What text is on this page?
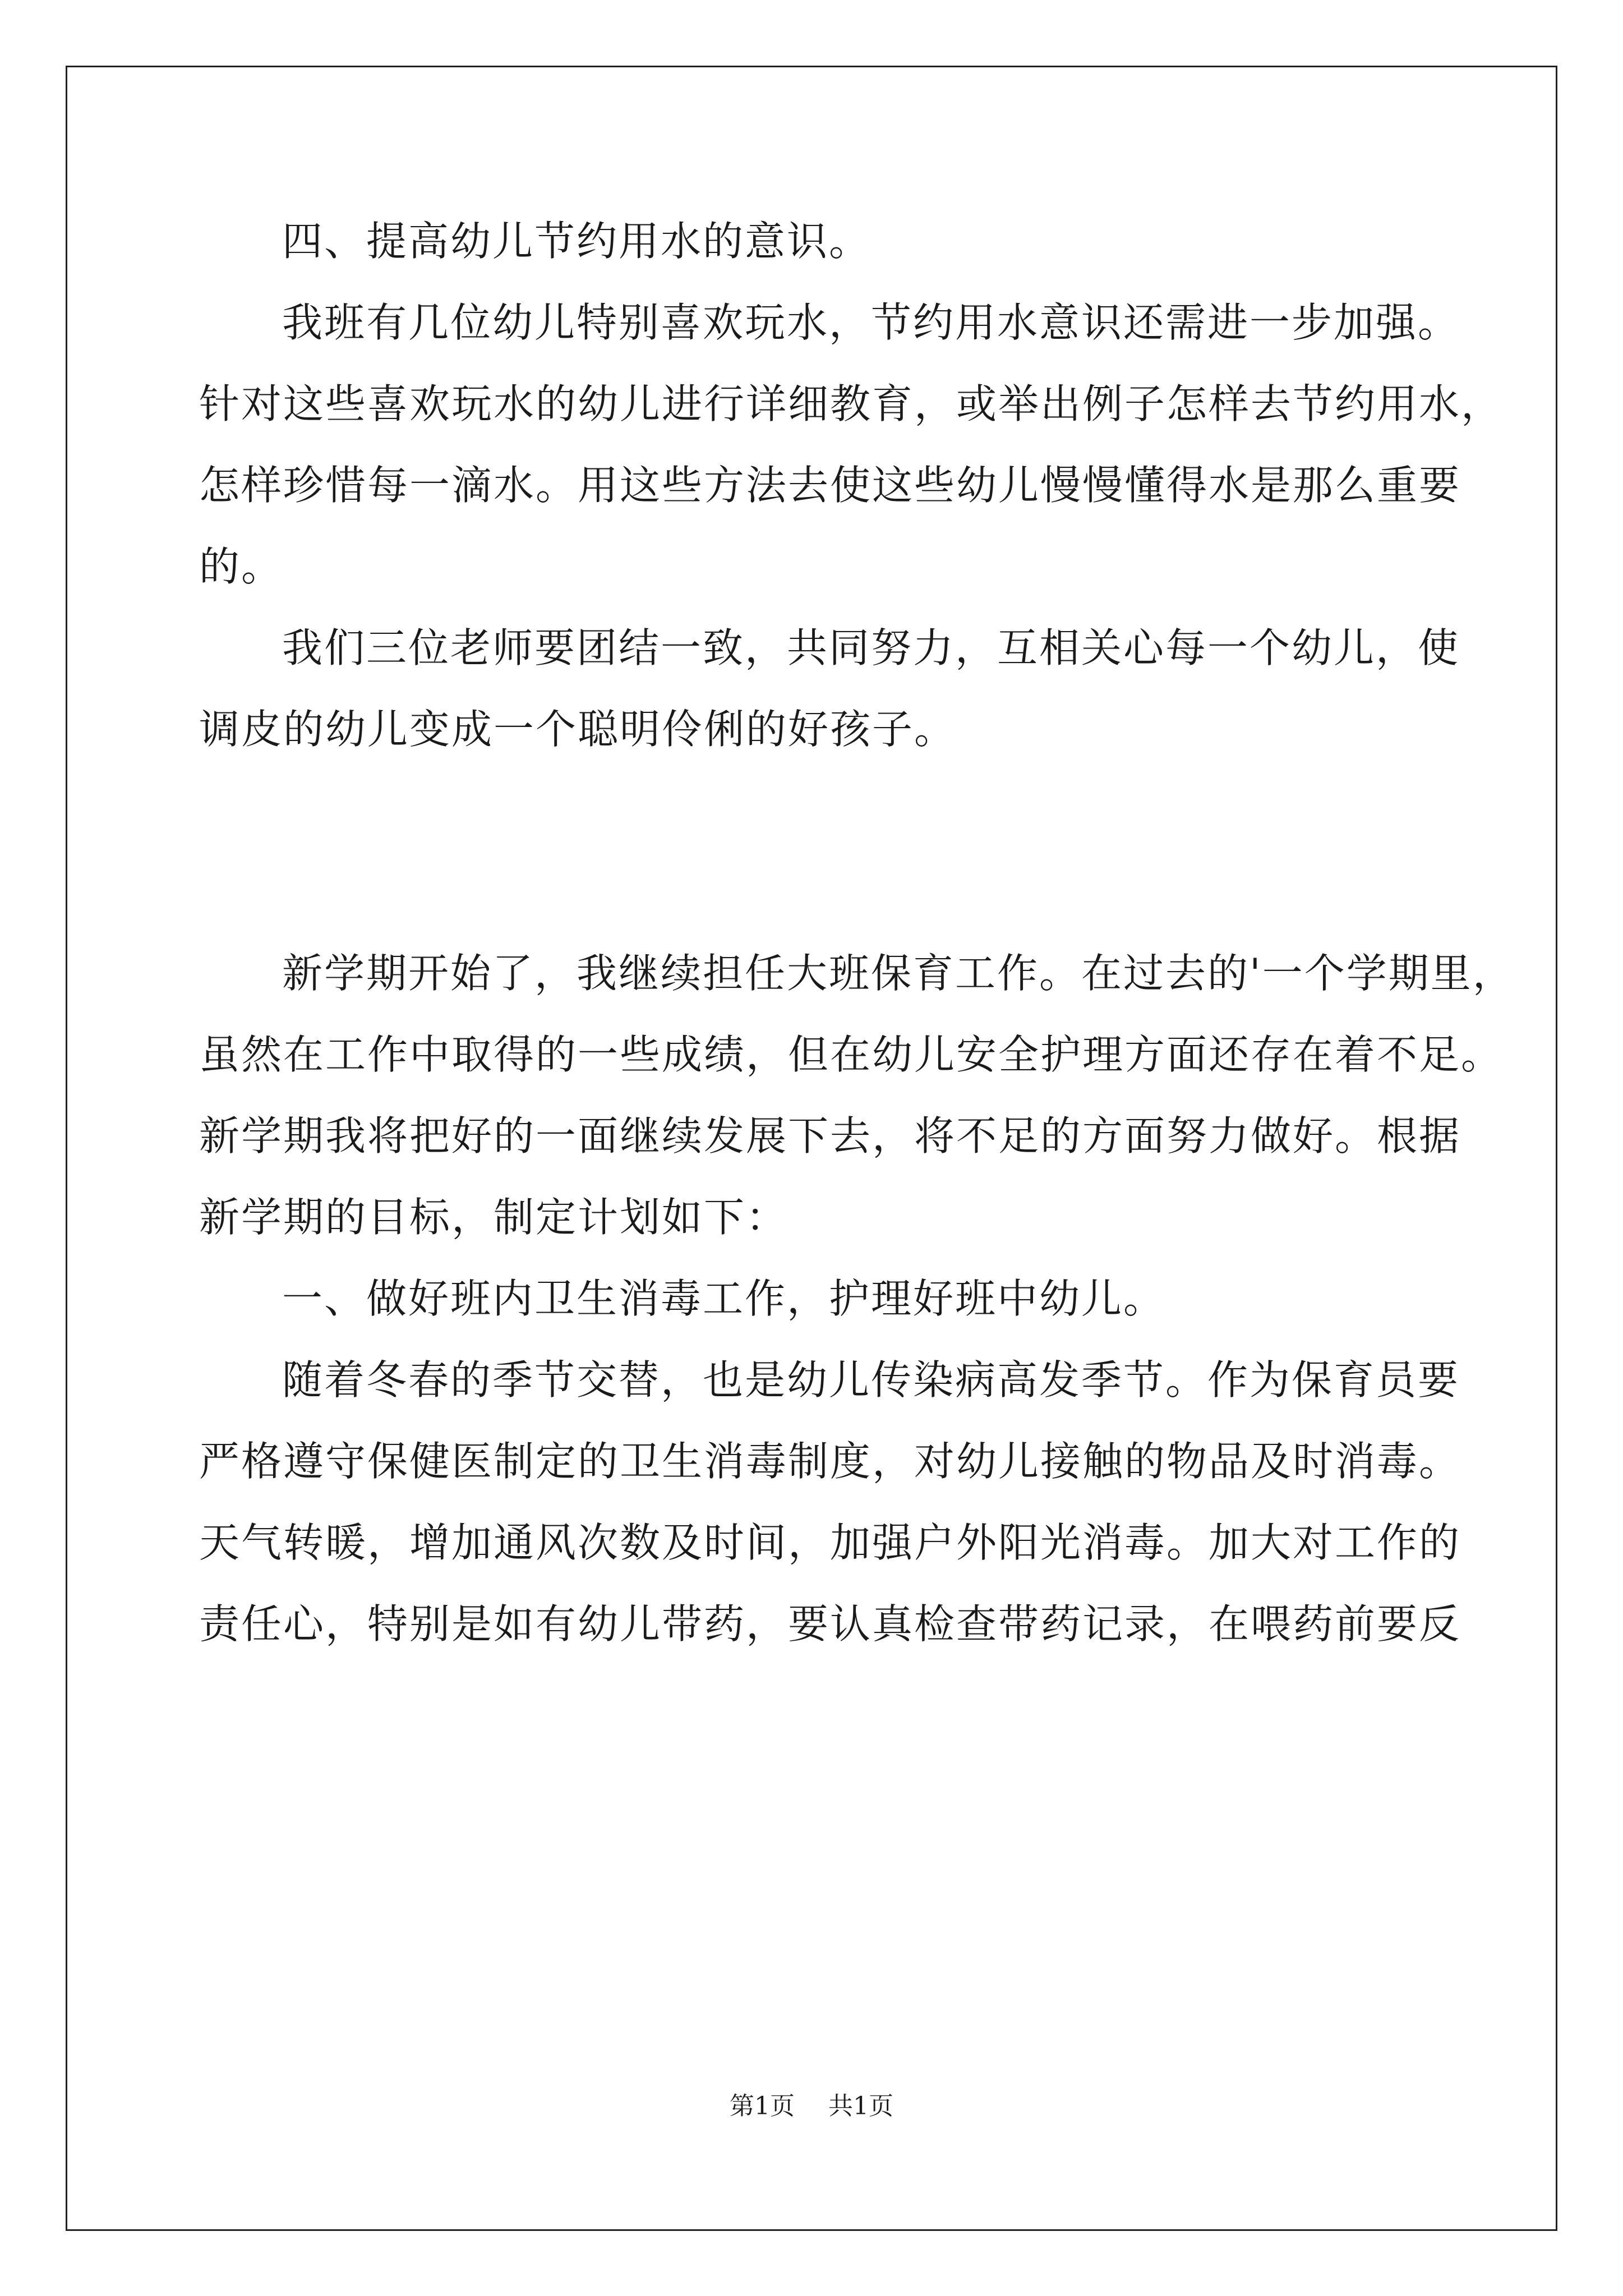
四、提高幼儿节约用水的意识。
我班有几位幼儿特别喜欢玩水，节约用水意识还需进一步加强。
针对这些喜欢玩水的幼儿进行详细教育，或举出例子怎样去节约用水，
怎样珍惜每一滴水。用这些方法去使这些幼儿慢慢懂得水是那么重要
的。
我们三位老师要团结一致，共同努力，互相关心每一个幼儿，使
调皮的幼儿变成一个聪明伶俐的好孩子。
新学期开始了，我继续担任大班保育工作。在过去的'一个学期里，
虽然在工作中取得的一些成绩，但在幼儿安全护理方面还存在着不足。
新学期我将把好的一面继续发展下去，将不足的方面努力做好。根据
新学期的目标，制定计划如下：
一、做好班内卫生消毒工作，护理好班中幼儿。
随着冬春的季节交替，也是幼儿传染病高发季节。作为保育员要
严格遵守保健医制定的卫生消毒制度，对幼儿接触的物品及时消毒。
天气转暖，增加通风次数及时间，加强户外阳光消毒。加大对工作的
责任心，特别是如有幼儿带药，要认真检查带药记录，在喂药前要反
第1页 共1页
